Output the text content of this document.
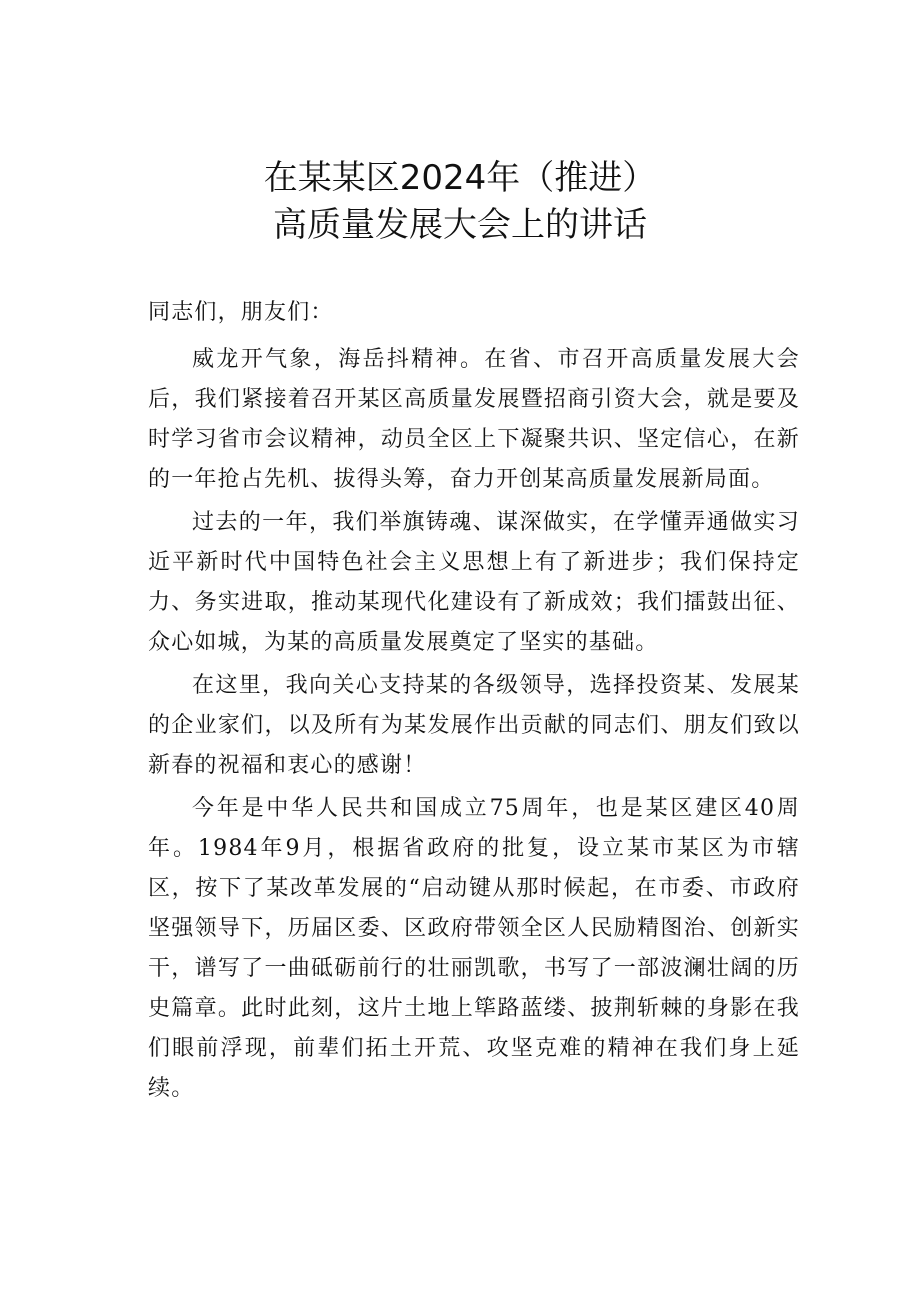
在某某区2024年（推进）
高质量发展大会上的讲话

同志们，朋友们：

威龙开气象，海岳抖精神。在省、市召开高质量发展大会后，我们紧接着召开某区高质量发展暨招商引资大会，就是要及时学习省市会议精神，动员全区上下凝聚共识、坚定信心，在新的一年抢占先机、拔得头筹，奋力开创某高质量发展新局面。

过去的一年，我们举旗铸魂、谋深做实，在学懂弄通做实习近平新时代中国特色社会主义思想上有了新进步；我们保持定力、务实进取，推动某现代化建设有了新成效；我们擂鼓出征、众心如城，为某的高质量发展奠定了坚实的基础。

在这里，我向关心支持某的各级领导，选择投资某、发展某的企业家们，以及所有为某发展作出贡献的同志们、朋友们致以新春的祝福和衷心的感谢！

今年是中华人民共和国成立75周年，也是某区建区40周年。1984年9月，根据省政府的批复，设立某市某区为市辖区，按下了某改革发展的“启动键从那时候起，在市委、市政府坚强领导下，历届区委、区政府带领全区人民励精图治、创新实干，谱写了一曲砥砺前行的壮丽凯歌，书写了一部波澜壮阔的历史篇章。此时此刻，这片土地上筚路蓝缕、披荆斩棘的身影在我们眼前浮现，前辈们拓土开荒、攻坚克难的精神在我们身上延续。
